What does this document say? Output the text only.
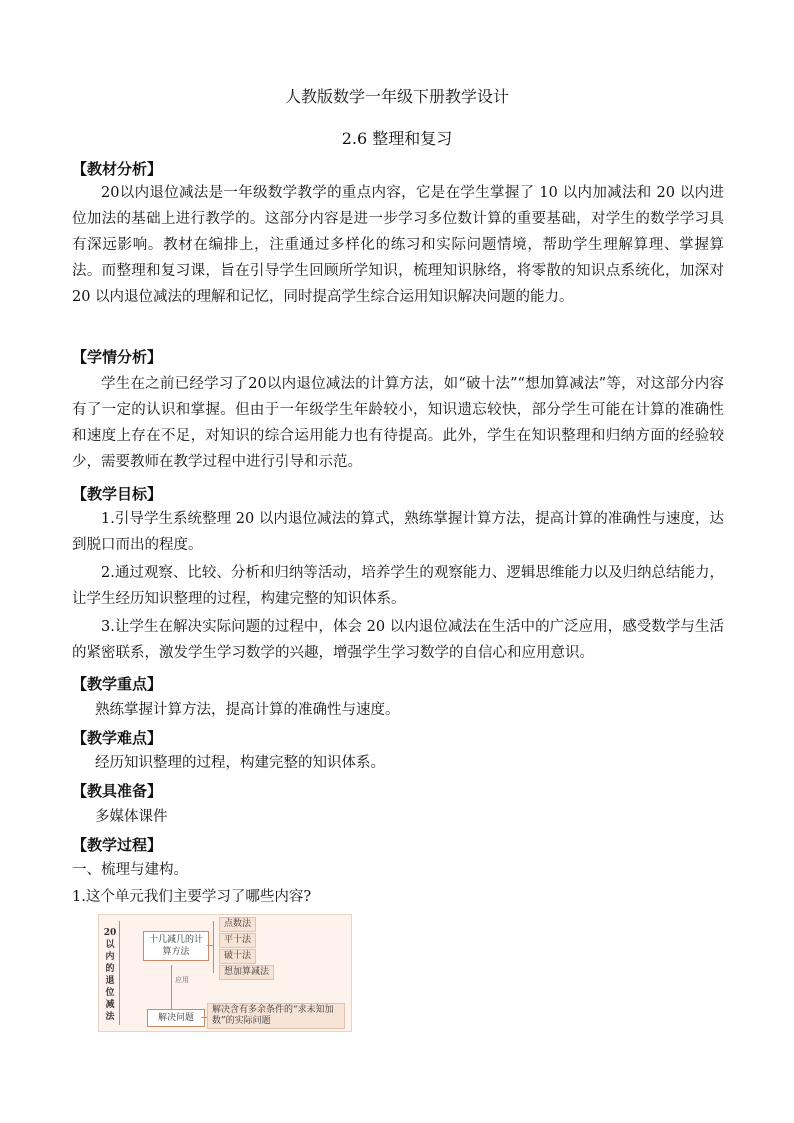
人教版数学一年级下册教学设计
2.6 整理和复习
【教材分析】

20以内退位减法是一年级数学教学的重点内容，它是在学生掌握了 10 以内加减法和 20 以内进位加法的基础上进行教学的。这部分内容是进一步学习多位数计算的重要基础，对学生的数学学习具有深远影响。教材在编排上，注重通过多样化的练习和实际问题情境，帮助学生理解算理、掌握算法。而整理和复习课，旨在引导学生回顾所学知识，梳理知识脉络，将零散的知识点系统化，加深对 20 以内退位减法的理解和记忆，同时提高学生综合运用知识解决问题的能力。

【学情分析】

学生在之前已经学习了20以内退位减法的计算方法，如“破十法”“想加算减法”等，对这部分内容有了一定的认识和掌握。但由于一年级学生年龄较小，知识遗忘较快，部分学生可能在计算的准确性和速度上存在不足，对知识的综合运用能力也有待提高。此外，学生在知识整理和归纳方面的经验较少，需要教师在教学过程中进行引导和示范。

【教学目标】

1.引导学生系统整理 20 以内退位减法的算式，熟练掌握计算方法，提高计算的准确性与速度，达到脱口而出的程度。

2.通过观察、比较、分析和归纳等活动，培养学生的观察能力、逻辑思维能力以及归纳总结能力，让学生经历知识整理的过程，构建完整的知识体系。

3.让学生在解决实际问题的过程中，体会 20 以内退位减法在生活中的广泛应用，感受数学与生活的紧密联系，激发学生学习数学的兴趣，增强学生学习数学的自信心和应用意识。

【教学重点】
熟练掌握计算方法，提高计算的准确性与速度。
【教学难点】
经历知识整理的过程，构建完整的知识体系。
【教具准备】
多媒体课件
【教学过程】
一、梳理与建构。
1.这个单元我们主要学习了哪些内容?
20以内的退位减法
十几减几的计算方法
点数法
平十法
破十法
想加算减法
应用
解决问题
解决含有多余条件的“求未知加数”的实际问题
